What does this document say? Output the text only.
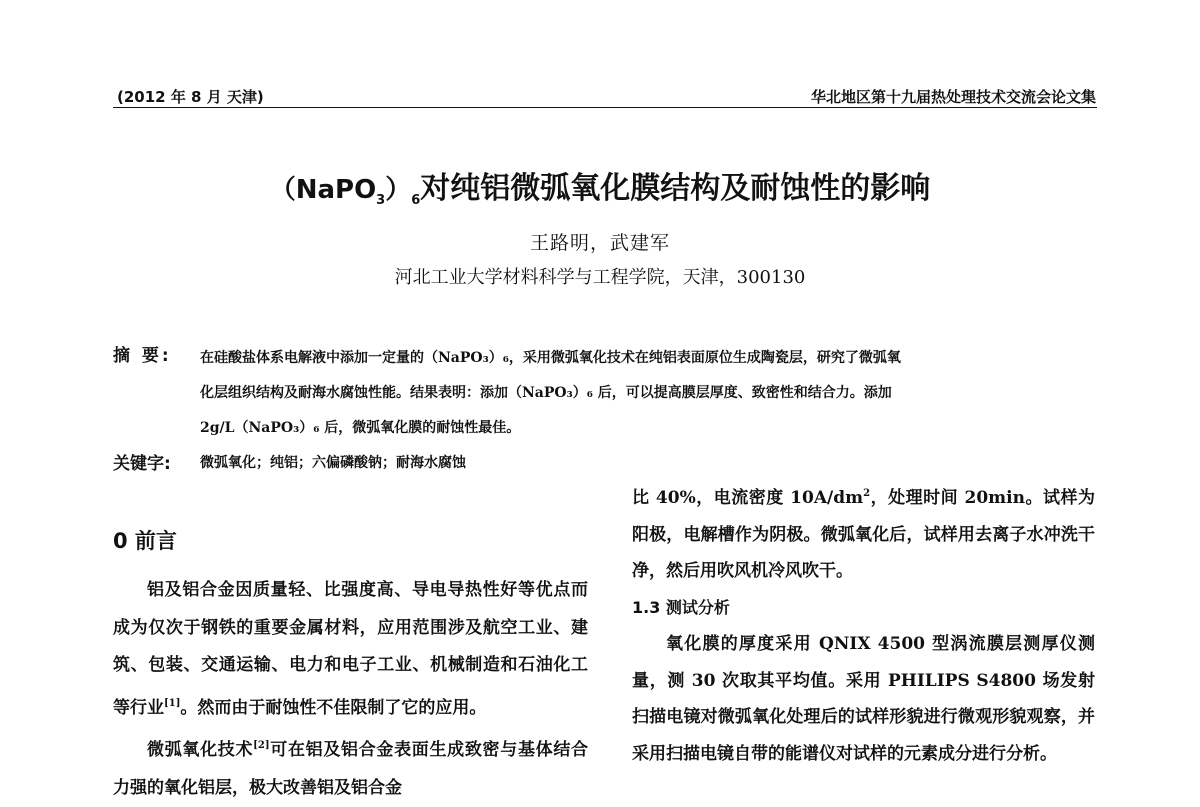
(2012 年 8 月 天津)	华北地区第十九届热处理技术交流会论文集
$(NaPO_3)_6$对纯铝微弧氧化膜结构及耐蚀性的影响
王路明，武建军
河北工业大学材料科学与工程学院，天津，300130
摘 要: 在硅酸盐体系电解液中添加一定量的（NaPO₃）₆，采用微弧氧化技术在纯铝表面原位生成陶瓷层，研究了微弧氧
化层组织结构及耐海水腐蚀性能。结果表明：添加（NaPO₃）₆ 后，可以提高膜层厚度、致密性和结合力。添加
2g/L（NaPO₃）₆ 后，微弧氧化膜的耐蚀性最佳。
关键字: 微弧氧化；纯铝；六偏磷酸钠；耐海水腐蚀
0 前言

铝及铝合金因质量轻、比强度高、导电导热性好等优点而成为仅次于钢铁的重要金属材料，应用范围涉及航空工业、建筑、包装、交通运输、电力和电子工业、机械制造和石油化工等行业[1]。然而由于耐蚀性不佳限制了它的应用。

微弧氧化技术[2]可在铝及铝合金表面生成致密与基体结合力强的氧化铝层，极大改善铝及铝合金

比 40%，电流密度 $10A/dm^2$，处理时间 20min。试样为阳极，电解槽作为阴极。微弧氧化后，试样用去离子水冲洗干净，然后用吹风机冷风吹干。

1.3 测试分析

氧化膜的厚度采用 QNIX 4500 型涡流膜层测厚仪测量，测 30 次取其平均值。采用 PHILIPS S4800 场发射扫描电镜对微弧氧化处理后的试样形貌进行微观形貌观察，并采用扫描电镜自带的能谱仪对试样的元素成分进行分析。
